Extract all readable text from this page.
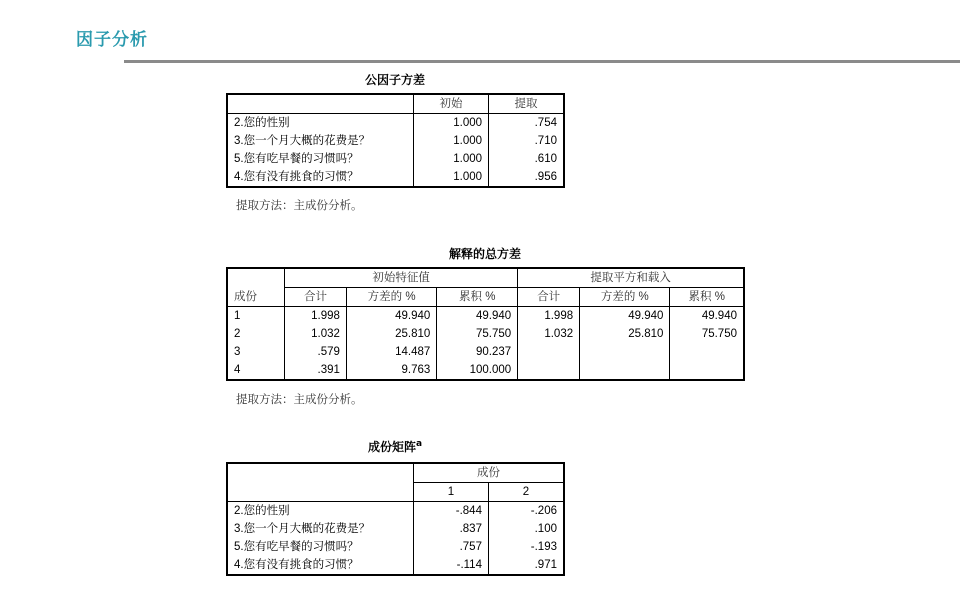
因子分析
公因子方差
	初始	提取
2.您的性别	1.000	.754
3.您一个月大概的花费是？	1.000	.710
5.您有吃早餐的习惯吗？	1.000	.610
4.您有没有挑食的习惯？	1.000	.956
提取方法：主成份分析。
解释的总方差
成份	初始特征值			提取平方和载入		
	合计	方差的 %	累积 %	合计	方差的 %	累积 %
1	1.998	49.940	49.940	1.998	49.940	49.940
2	1.032	25.810	75.750	1.032	25.810	75.750
3	.579	14.487	90.237			
4	.391	9.763	100.000			
提取方法：主成份分析。
成份矩阵$^a$
	成份	
	1	2
2.您的性别	-.844	-.206
3.您一个月大概的花费是？	.837	.100
5.您有吃早餐的习惯吗？	.757	-.193
4.您有没有挑食的习惯？	-.114	.971
